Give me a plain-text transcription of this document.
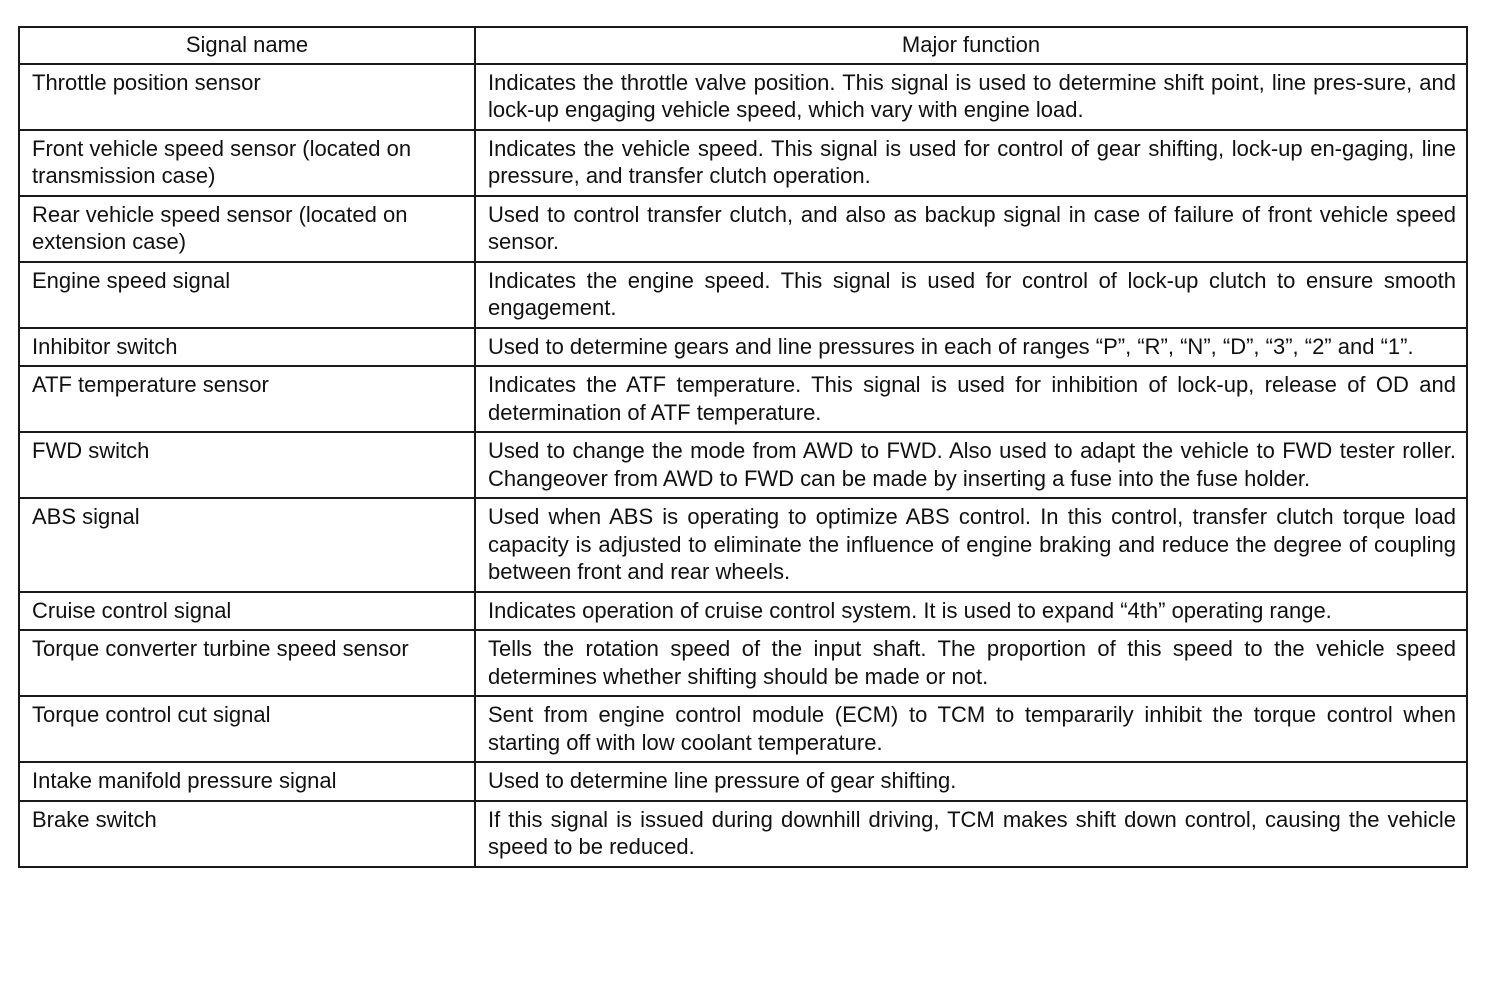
Signal name	Major function
Throttle position sensor	Indicates the throttle valve position. This signal is used to determine shift point, line pres-sure, and lock-up engaging vehicle speed, which vary with engine load.
Front vehicle speed sensor (located on transmission case)	Indicates the vehicle speed. This signal is used for control of gear shifting, lock-up en-gaging, line pressure, and transfer clutch operation.
Rear vehicle speed sensor (located on extension case)	Used to control transfer clutch, and also as backup signal in case of failure of front vehicle speed sensor.
Engine speed signal	Indicates the engine speed. This signal is used for control of lock-up clutch to ensure smooth engagement.
Inhibitor switch	Used to determine gears and line pressures in each of ranges “P”, “R”, “N”, “D”, “3”, “2” and “1”.
ATF temperature sensor	Indicates the ATF temperature. This signal is used for inhibition of lock-up, release of OD and determination of ATF temperature.
FWD switch	Used to change the mode from AWD to FWD. Also used to adapt the vehicle to FWD tester roller. Changeover from AWD to FWD can be made by inserting a fuse into the fuse holder.
ABS signal	Used when ABS is operating to optimize ABS control. In this control, transfer clutch torque load capacity is adjusted to eliminate the influence of engine braking and reduce the degree of coupling between front and rear wheels.
Cruise control signal	Indicates operation of cruise control system. It is used to expand “4th” operating range.
Torque converter turbine speed sensor	Tells the rotation speed of the input shaft. The proportion of this speed to the vehicle speed determines whether shifting should be made or not.
Torque control cut signal	Sent from engine control module (ECM) to TCM to tempararily inhibit the torque control when starting off with low coolant temperature.
Intake manifold pressure signal	Used to determine line pressure of gear shifting.
Brake switch	If this signal is issued during downhill driving, TCM makes shift down control, causing the vehicle speed to be reduced.
